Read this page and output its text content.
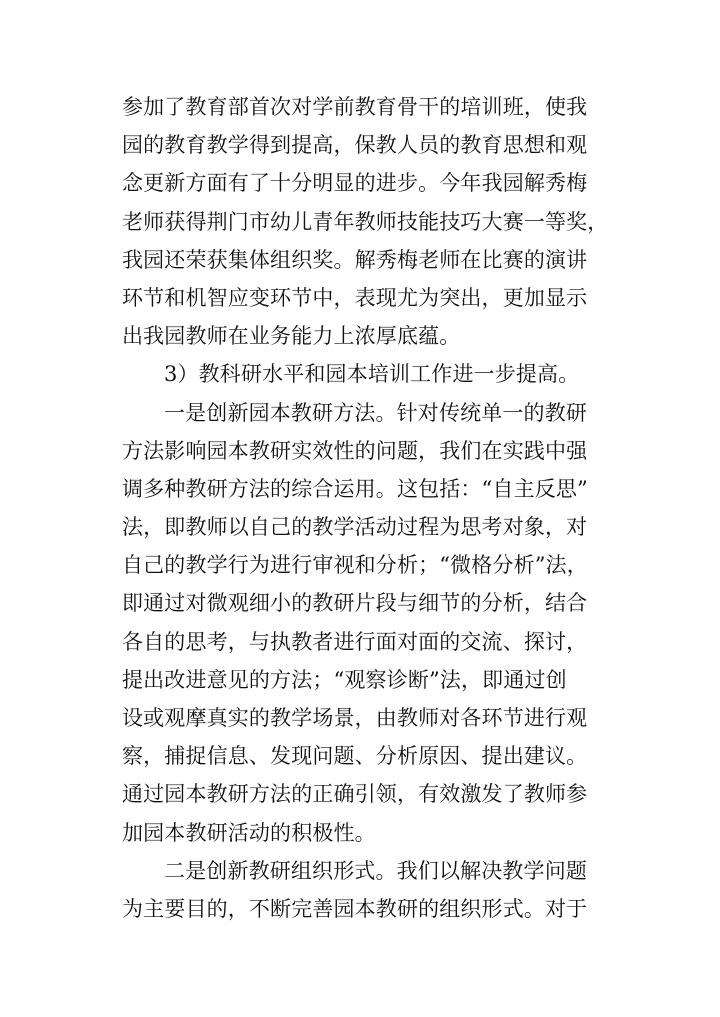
参加了教育部首次对学前教育骨干的培训班，使我
园的教育教学得到提高，保教人员的教育思想和观
念更新方面有了十分明显的进步。今年我园解秀梅
老师获得荆门市幼儿青年教师技能技巧大赛一等奖，
我园还荣获集体组织奖。解秀梅老师在比赛的演讲
环节和机智应变环节中，表现尤为突出，更加显示
出我园教师在业务能力上浓厚底蕴。
3）教科研水平和园本培训工作进一步提高。
一是创新园本教研方法。针对传统单一的教研
方法影响园本教研实效性的问题，我们在实践中强
调多种教研方法的综合运用。这包括：“自主反思”
法，即教师以自己的教学活动过程为思考对象，对
自己的教学行为进行审视和分析；“微格分析”法，
即通过对微观细小的教研片段与细节的分析，结合
各自的思考，与执教者进行面对面的交流、探讨，
提出改进意见的方法；“观察诊断”法，即通过创
设或观摩真实的教学场景，由教师对各环节进行观
察，捕捉信息、发现问题、分析原因、提出建议。
通过园本教研方法的正确引领，有效激发了教师参
加园本教研活动的积极性。
二是创新教研组织形式。我们以解决教学问题
为主要目的，不断完善园本教研的组织形式。对于
